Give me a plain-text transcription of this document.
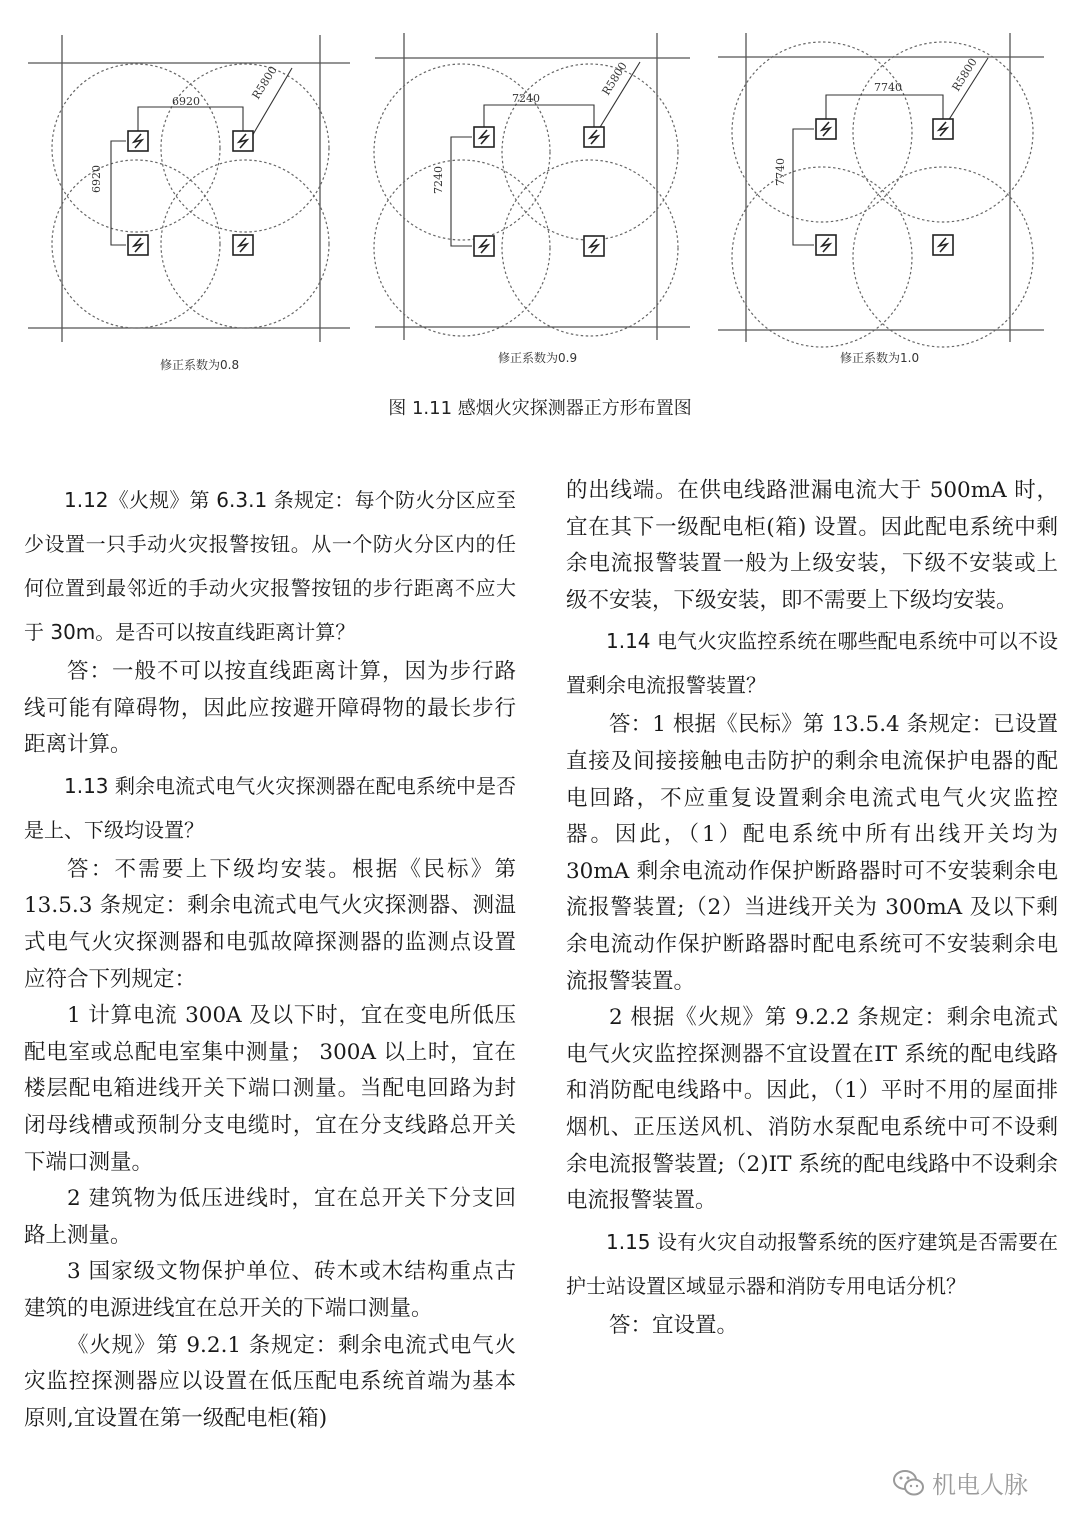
6920
6920
R5800
修正系数为0.8
7240
7240
R5800
修正系数为0.9
7740
7740
R5800
修正系数为1.0
图 1.11 感烟火灾探测器正方形布置图

1.12《火规》第 6.3.1 条规定：每个防火分区应至少设置一只手动火灾报警按钮。从一个防火分区内的任何位置到最邻近的手动火灾报警按钮的步行距离不应大于 30m。是否可以按直线距离计算？

答：一般不可以按直线距离计算，因为步行路线可能有障碍物，因此应按避开障碍物的最长步行距离计算。

1.13 剩余电流式电气火灾探测器在配电系统中是否是上、下级均设置？

答：不需要上下级均安装。根据《民标》第 13.5.3 条规定：剩余电流式电气火灾探测器、测温式电气火灾探测器和电弧故障探测器的监测点设置应符合下列规定：

1 计算电流 300A 及以下时，宜在变电所低压配电室或总配电室集中测量； 300A 以上时，宜在楼层配电箱进线开关下端口测量。当配电回路为封闭母线槽或预制分支电缆时，宜在分支线路总开关下端口测量。

2 建筑物为低压进线时，宜在总开关下分支回路上测量。

3 国家级文物保护单位、砖木或木结构重点古建筑的电源进线宜在总开关的下端口测量。

《火规》第 9.2.1 条规定：剩余电流式电气火灾监控探测器应以设置在低压配电系统首端为基本原则,宜设置在第一级配电柜(箱)

的出线端。在供电线路泄漏电流大于 500mA 时，宜在其下一级配电柜(箱) 设置。因此配电系统中剩余电流报警装置一般为上级安装，下级不安装或上级不安装，下级安装，即不需要上下级均安装。

1.14 电气火灾监控系统在哪些配电系统中可以不设置剩余电流报警装置？

答：1 根据《民标》第 13.5.4 条规定：已设置直接及间接接触电击防护的剩余电流保护电器的配电回路，不应重复设置剩余电流式电气火灾监控器。因此，（1）配电系统中所有出线开关均为 30mA 剩余电流动作保护断路器时可不安装剩余电流报警装置;（2）当进线开关为 300mA 及以下剩余电流动作保护断路器时配电系统可不安装剩余电流报警装置。

2 根据《火规》第 9.2.2 条规定：剩余电流式电气火灾监控探测器不宜设置在IT 系统的配电线路和消防配电线路中。因此，（1）平时不用的屋面排烟机、正压送风机、消防水泵配电系统中可不设剩余电流报警装置;（2)IT 系统的配电线路中不设剩余电流报警装置。

1.15 设有火灾自动报警系统的医疗建筑是否需要在护士站设置区域显示器和消防专用电话分机？

答：宜设置。

机电人脉
